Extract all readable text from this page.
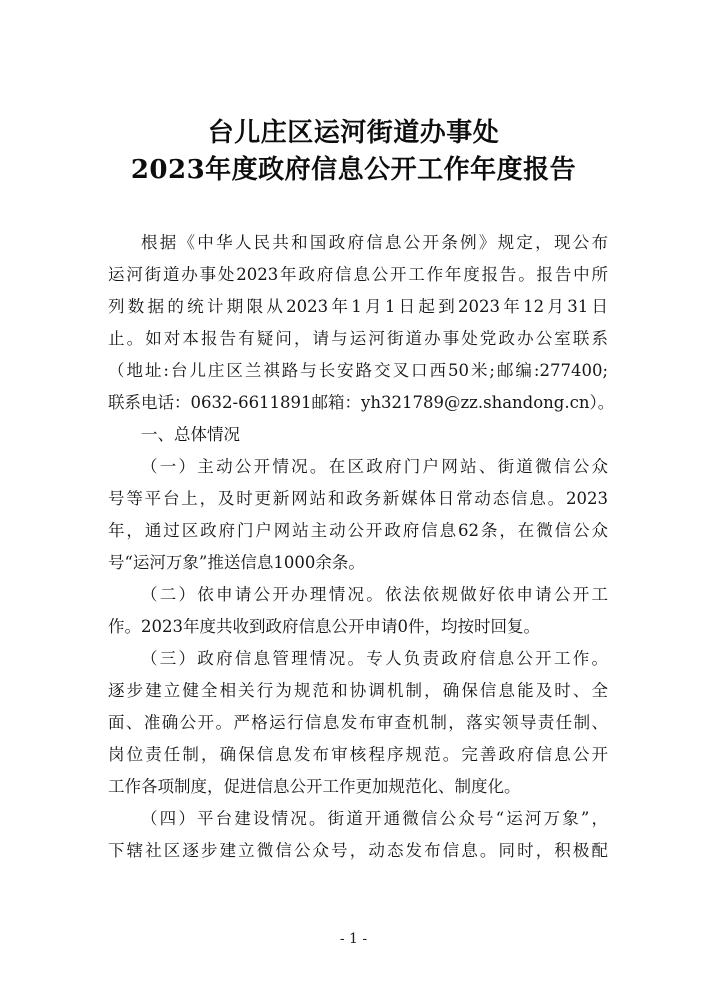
台儿庄区运河街道办事处
2023年度政府信息公开工作年度报告
根据《中华人民共和国政府信息公开条例》规定，现公布
运河街道办事处2023年政府信息公开工作年度报告。报告中所
列数据的统计期限从2023年1月1日起到2023年12月31日
止。如对本报告有疑问，请与运河街道办事处党政办公室联系
（地址:台儿庄区兰祺路与长安路交叉口西50米;邮编:277400;
联系电话：0632-6611891邮箱：yh321789@zz.shandong.cn）。
一、总体情况
（一）主动公开情况。在区政府门户网站、街道微信公众
号等平台上，及时更新网站和政务新媒体日常动态信息。2023
年，通过区政府门户网站主动公开政府信息62条，在微信公众
号“运河万象”推送信息1000余条。
（二）依申请公开办理情况。依法依规做好依申请公开工
作。2023年度共收到政府信息公开申请0件，均按时回复。
（三）政府信息管理情况。专人负责政府信息公开工作。
逐步建立健全相关行为规范和协调机制，确保信息能及时、全
面、准确公开。严格运行信息发布审查机制，落实领导责任制、
岗位责任制，确保信息发布审核程序规范。完善政府信息公开
工作各项制度，促进信息公开工作更加规范化、制度化。
（四）平台建设情况。街道开通微信公众号“运河万象”，
下辖社区逐步建立微信公众号，动态发布信息。同时，积极配
- 1 -
